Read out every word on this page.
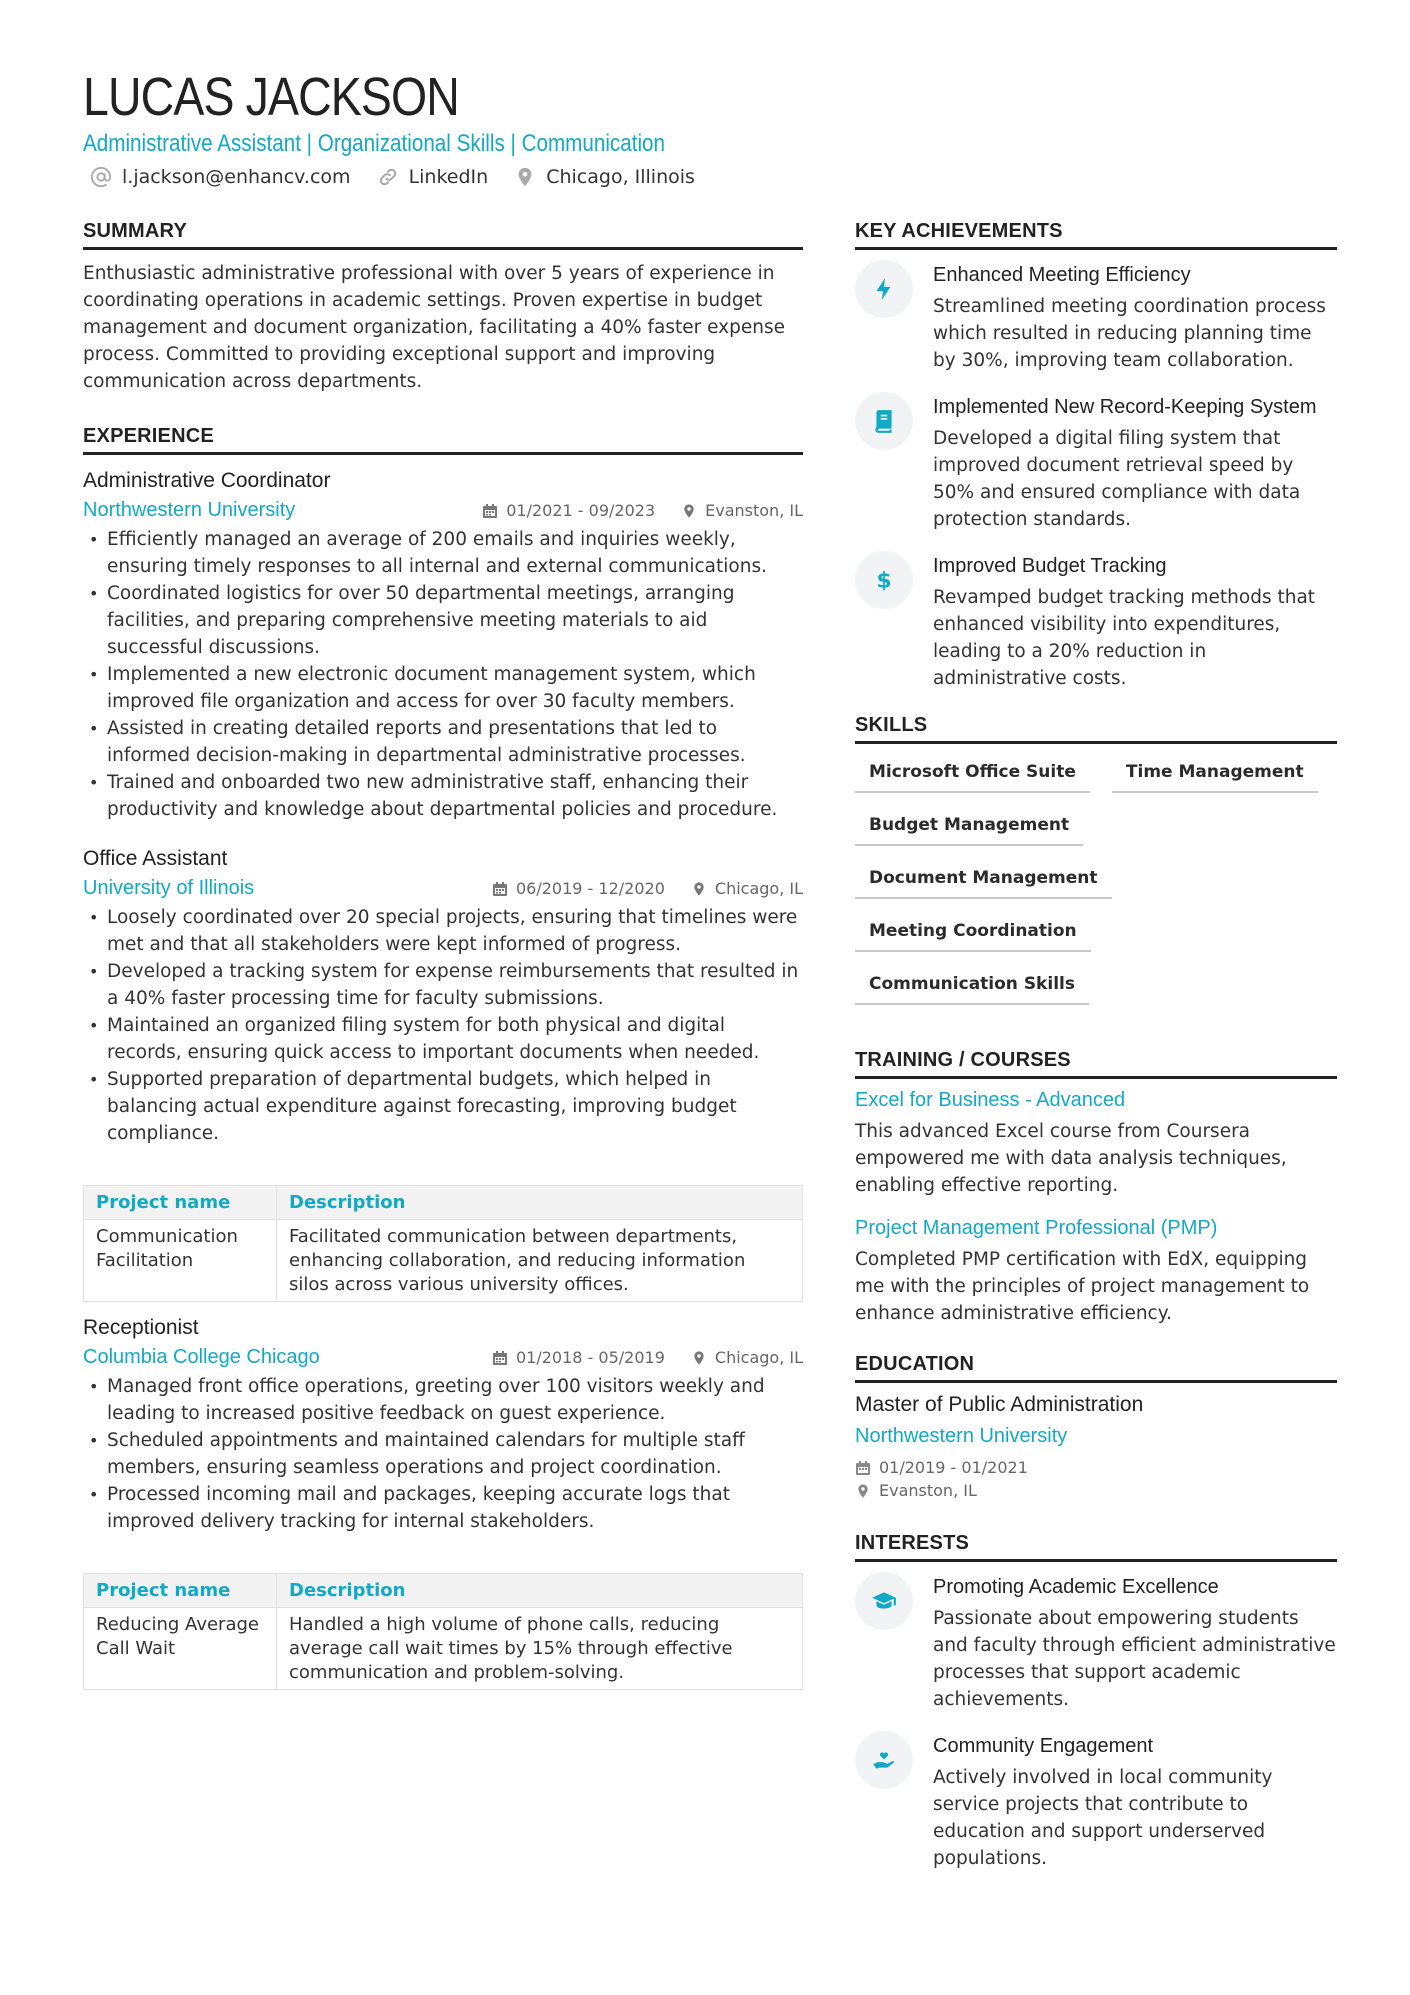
LUCAS JACKSON
Administrative Assistant | Organizational Skills | Communication
l.jackson@enhancv.com	LinkedIn	Chicago, Illinois
SUMMARY

Enthusiastic administrative professional with over 5 years of experience in coordinating operations in academic settings. Proven expertise in budget management and document organization, facilitating a 40% faster expense process. Committed to providing exceptional support and improving communication across departments.

EXPERIENCE
Administrative Coordinator
Northwestern University	01/2021 - 09/2023	Evanston, IL
• Efficiently managed an average of 200 emails and inquiries weekly, ensuring timely responses to all internal and external communications.
• Coordinated logistics for over 50 departmental meetings, arranging facilities, and preparing comprehensive meeting materials to aid successful discussions.
• Implemented a new electronic document management system, which improved file organization and access for over 30 faculty members.
• Assisted in creating detailed reports and presentations that led to informed decision-making in departmental administrative processes.
• Trained and onboarded two new administrative staff, enhancing their productivity and knowledge about departmental policies and procedure.
Office Assistant
University of Illinois	06/2019 - 12/2020	Chicago, IL
• Loosely coordinated over 20 special projects, ensuring that timelines were met and that all stakeholders were kept informed of progress.
• Developed a tracking system for expense reimbursements that resulted in a 40% faster processing time for faculty submissions.
• Maintained an organized filing system for both physical and digital records, ensuring quick access to important documents when needed.
• Supported preparation of departmental budgets, which helped in balancing actual expenditure against forecasting, improving budget compliance.
Project name	Description
Communication Facilitation	Facilitated communication between departments, enhancing collaboration, and reducing information silos across various university offices.
Receptionist
Columbia College Chicago	01/2018 - 05/2019	Chicago, IL
• Managed front office operations, greeting over 100 visitors weekly and leading to increased positive feedback on guest experience.
• Scheduled appointments and maintained calendars for multiple staff members, ensuring seamless operations and project coordination.
• Processed incoming mail and packages, keeping accurate logs that improved delivery tracking for internal stakeholders.
Project name	Description
Reducing Average Call Wait	Handled a high volume of phone calls, reducing average call wait times by 15% through effective communication and problem-solving.
KEY ACHIEVEMENTS
Enhanced Meeting Efficiency

Streamlined meeting coordination process which resulted in reducing planning time by 30%, improving team collaboration.

Implemented New Record-Keeping System

Developed a digital filing system that improved document retrieval speed by 50% and ensured compliance with data protection standards.

$
Improved Budget Tracking

Revamped budget tracking methods that enhanced visibility into expenditures, leading to a 20% reduction in administrative costs.

SKILLS
Microsoft Office Suite	Time Management
Budget Management
Document Management
Meeting Coordination
Communication Skills
TRAINING / COURSES
Excel for Business - Advanced

This advanced Excel course from Coursera empowered me with data analysis techniques, enabling effective reporting.

Project Management Professional (PMP)

Completed PMP certification with EdX, equipping me with the principles of project management to enhance administrative efficiency.

EDUCATION
Master of Public Administration
Northwestern University
01/2019 - 01/2021
Evanston, IL
INTERESTS
Promoting Academic Excellence

Passionate about empowering students and faculty through efficient administrative processes that support academic achievements.

Community Engagement

Actively involved in local community service projects that contribute to education and support underserved populations.
